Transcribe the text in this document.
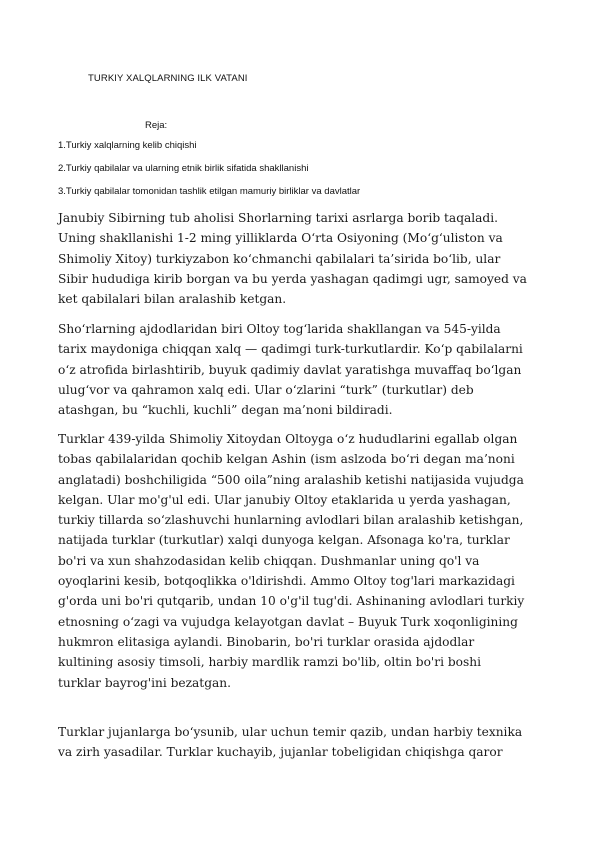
TURKIY XALQLARNING ILK VATANI
Reja:
1.Turkiy xalqlarning kelib chiqishi
2.Turkiy qabilalar va ularning etnik birlik sifatida shakllanishi
3.Turkiy qabilalar tomonidan tashlik etilgan mamuriy birliklar va davlatlar
Janubiy Sibirning tub aholisi Shorlarning tarixi asrlarga borib taqaladi.
Uning shakllanishi 1-2 ming yilliklarda O‘rta Osiyoning (Mo‘g‘uliston va
Shimoliy Xitoy) turkiyzabon ko‘chmanchi qabilalari ta’sirida bo‘lib, ular
Sibir hududiga kirib borgan va bu yerda yashagan qadimgi ugr, samoyed va
ket qabilalari bilan aralashib ketgan.
Sho‘rlarning ajdodlaridan biri Oltoy tog‘larida shakllangan va 545-yilda
tarix maydoniga chiqqan xalq — qadimgi turk-turkutlardir. Ko‘p qabilalarni
o‘z atrofida birlashtirib, buyuk qadimiy davlat yaratishga muvaffaq bo‘lgan
ulug‘vor va qahramon xalq edi. Ular o‘zlarini “turk” (turkutlar) deb
atashgan, bu “kuchli, kuchli” degan ma’noni bildiradi.
Turklar 439-yilda Shimoliy Xitoydan Oltoyga o‘z hududlarini egallab olgan
tobas qabilalaridan qochib kelgan Ashin (ism aslzoda bo‘ri degan ma’noni
anglatadi) boshchiligida “500 oila”ning aralashib ketishi natijasida vujudga
kelgan. Ular mo'g'ul edi. Ular janubiy Oltoy etaklarida u yerda yashagan,
turkiy tillarda so‘zlashuvchi hunlarning avlodlari bilan aralashib ketishgan,
natijada turklar (turkutlar) xalqi dunyoga kelgan. Afsonaga ko'ra, turklar
bo'ri va xun shahzodasidan kelib chiqqan. Dushmanlar uning qo'l va
oyoqlarini kesib, botqoqlikka o'ldirishdi. Ammo Oltoy tog'lari markazidagi
g'orda uni bo'ri qutqarib, undan 10 o'g'il tug'di. Ashinaning avlodlari turkiy
etnosning o‘zagi va vujudga kelayotgan davlat – Buyuk Turk xoqonligining
hukmron elitasiga aylandi. Binobarin, bo'ri turklar orasida ajdodlar
kultining asosiy timsoli, harbiy mardlik ramzi bo'lib, oltin bo'ri boshi
turklar bayrog'ini bezatgan.
Turklar jujanlarga bo‘ysunib, ular uchun temir qazib, undan harbiy texnika
va zirh yasadilar. Turklar kuchayib, jujanlar tobeligidan chiqishga qaror
